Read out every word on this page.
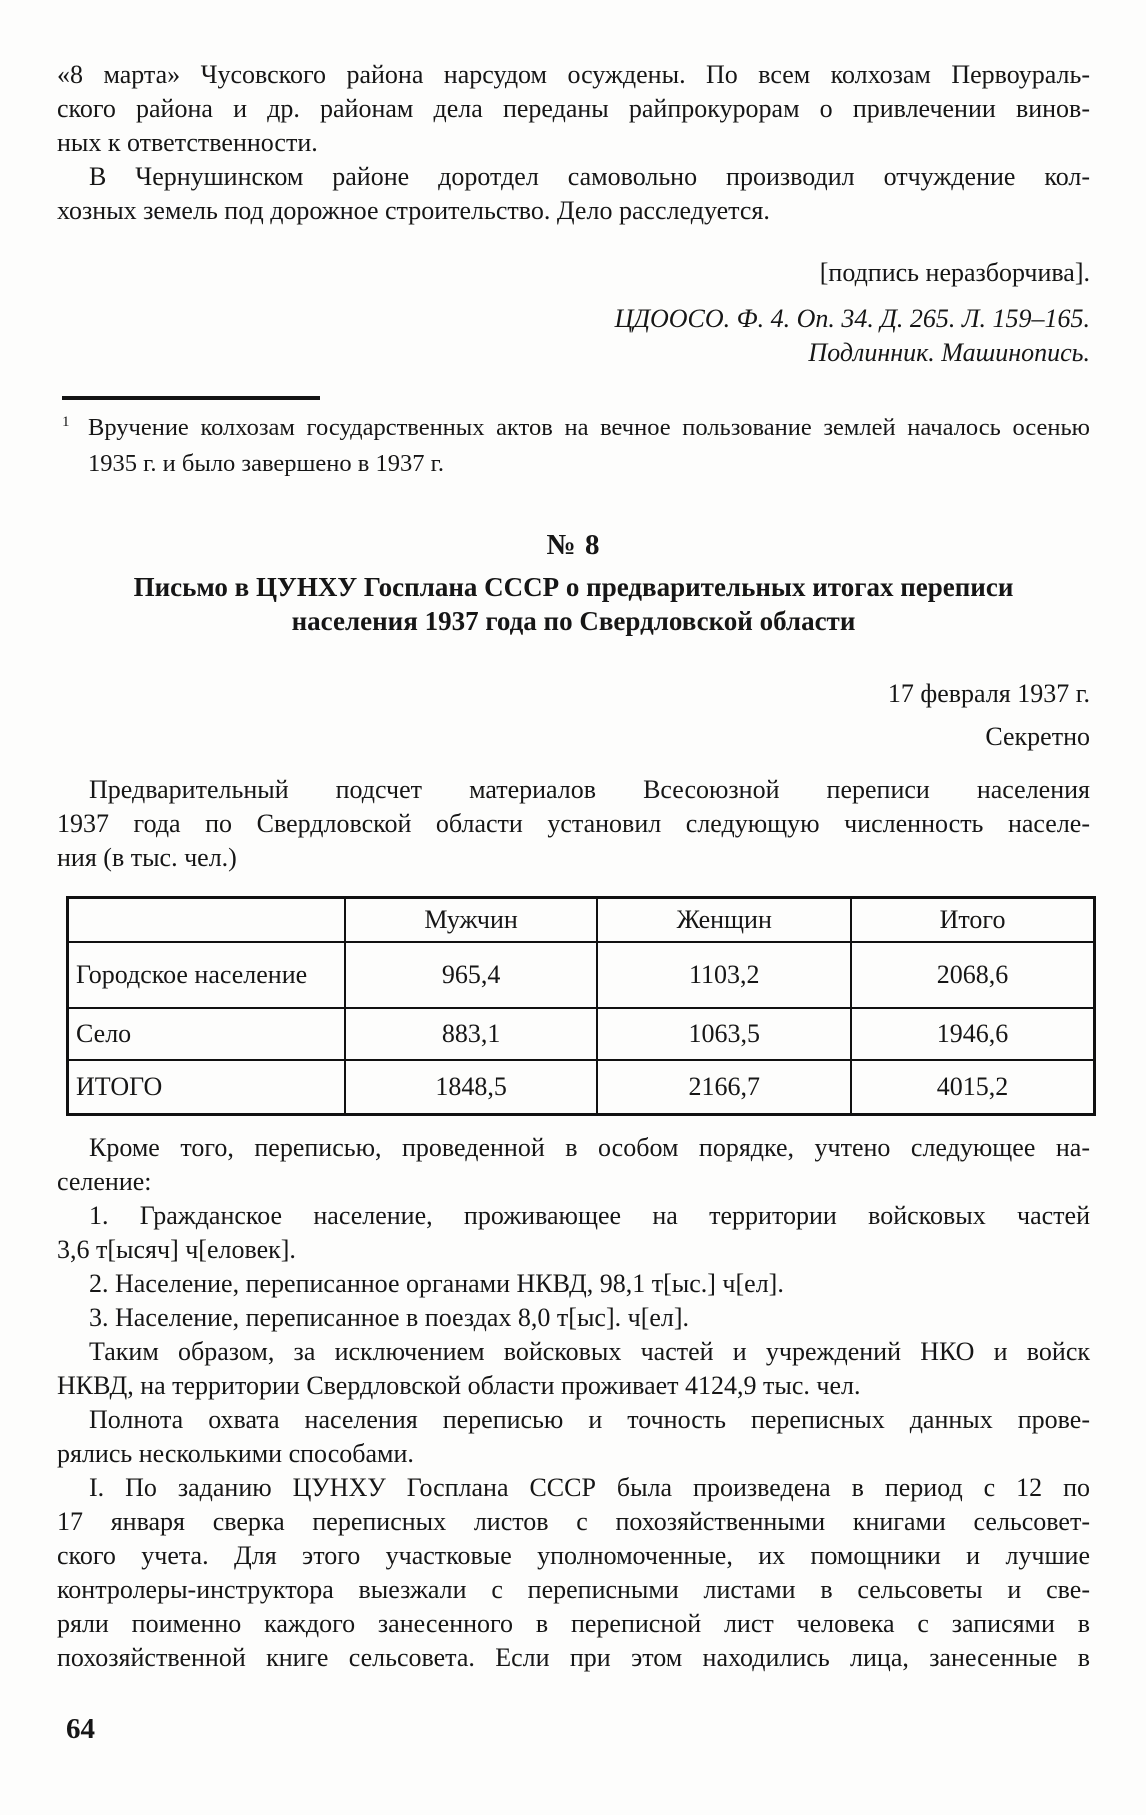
«8 марта» Чусовского района нарсудом осуждены. По всем колхозам Первоураль-
ского района и др. районам дела переданы райпрокурорам о привлечении винов-
ных к ответственности.
В Чернушинском районе доротдел самовольно производил отчуждение кол-
хозных земель под дорожное строительство. Дело расследуется.
[подпись неразборчива].
ЦДООСО. Ф. 4. Оп. 34. Д. 265. Л. 159–165.
Подлинник. Машинопись.
1 Вручение колхозам государственных актов на вечное пользование землей началось осенью
1935 г. и было завершено в 1937 г.
№ 8
Письмо в ЦУНХУ Госплана СССР о предварительных итогах переписи
населения 1937 года по Свердловской области
17 февраля 1937 г.
Секретно
Предварительный подсчет материалов Всесоюзной переписи населения
1937 года по Свердловской области установил следующую численность населе-
ния (в тыс. чел.)
	Мужчин	Женщин	Итого
Городское население	965,4	1103,2	2068,6
Село	883,1	1063,5	1946,6
ИТОГО	1848,5	2166,7	4015,2
Кроме того, переписью, проведенной в особом порядке, учтено следующее на-
селение:
1. Гражданское население, проживающее на территории войсковых частей
3,6 т[ысяч] ч[еловек].
2. Население, переписанное органами НКВД, 98,1 т[ыс.] ч[ел].
3. Население, переписанное в поездах 8,0 т[ыс]. ч[ел].
Таким образом, за исключением войсковых частей и учреждений НКО и войск
НКВД, на территории Свердловской области проживает 4124,9 тыс. чел.
Полнота охвата населения переписью и точность переписных данных прове-
рялись несколькими способами.
I. По заданию ЦУНХУ Госплана СССР была произведена в период с 12 по
17 января сверка переписных листов с похозяйственными книгами сельсовет-
ского учета. Для этого участковые уполномоченные, их помощники и лучшие
контролеры-инструктора выезжали с переписными листами в сельсоветы и све-
ряли поименно каждого занесенного в переписной лист человека с записями в
похозяйственной книге сельсовета. Если при этом находились лица, занесенные в
64
